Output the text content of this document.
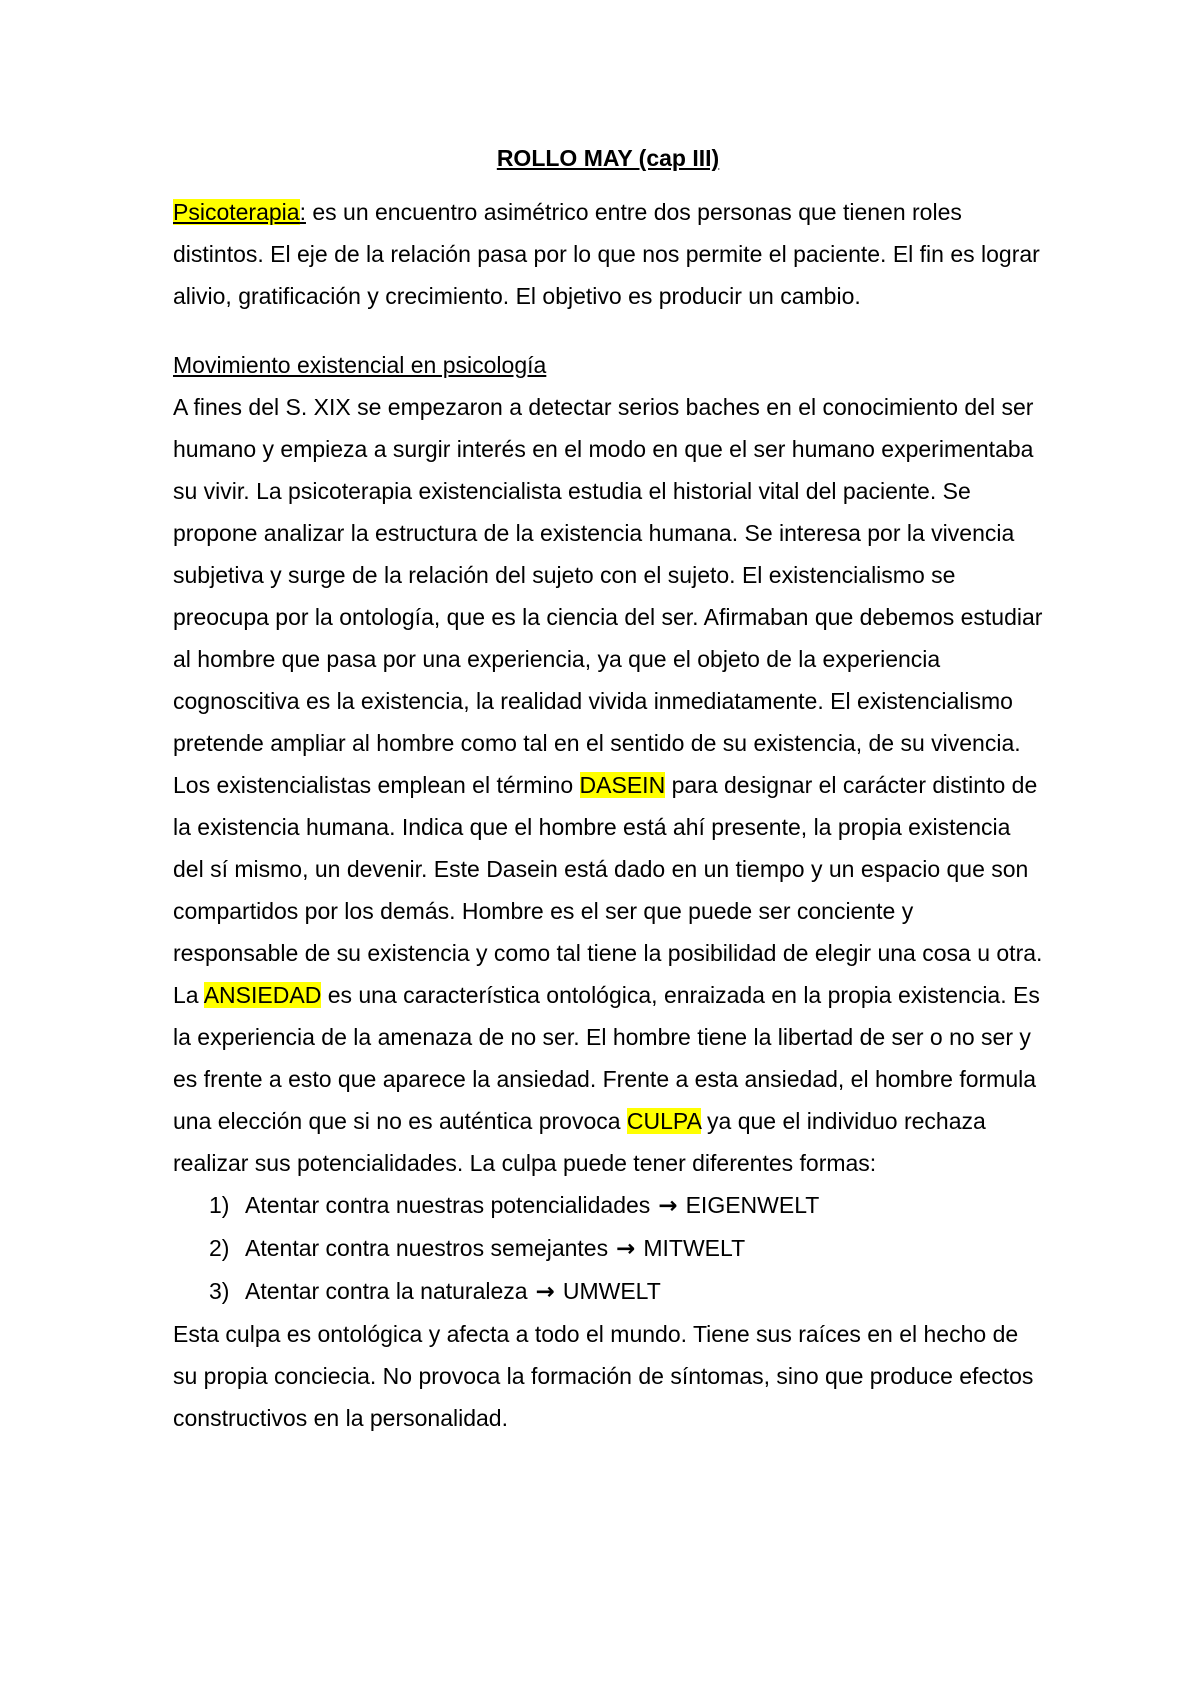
ROLLO MAY (cap III)

Psicoterapia: es un encuentro asimétrico entre dos personas que tienen roles distintos. El eje de la relación pasa por lo que nos permite el paciente. El fin es lograr alivio, gratificación y crecimiento. El objetivo es producir un cambio.

Movimiento existencial en psicología

A fines del S. XIX se empezaron a detectar serios baches en el conocimiento del ser humano y empieza a surgir interés en el modo en que el ser humano experimentaba su vivir. La psicoterapia existencialista estudia el historial vital del paciente. Se propone analizar la estructura de la existencia humana. Se interesa por la vivencia subjetiva y surge de la relación del sujeto con el sujeto. El existencialismo se preocupa por la ontología, que es la ciencia del ser. Afirmaban que debemos estudiar al hombre que pasa por una experiencia, ya que el objeto de la experiencia cognoscitiva es la existencia, la realidad vivida inmediatamente. El existencialismo pretende ampliar al hombre como tal en el sentido de su existencia, de su vivencia.

Los existencialistas emplean el término DASEIN para designar el carácter distinto de la existencia humana. Indica que el hombre está ahí presente, la propia existencia del sí mismo, un devenir. Este Dasein está dado en un tiempo y un espacio que son compartidos por los demás. Hombre es el ser que puede ser conciente y responsable de su existencia y como tal tiene la posibilidad de elegir una cosa u otra.

La ANSIEDAD es una característica ontológica, enraizada en la propia existencia. Es la experiencia de la amenaza de no ser. El hombre tiene la libertad de ser o no ser y es frente a esto que aparece la ansiedad. Frente a esta ansiedad, el hombre formula una elección que si no es auténtica provoca CULPA ya que el individuo rechaza realizar sus potencialidades. La culpa puede tener diferentes formas:

1) Atentar contra nuestras potencialidades → EIGENWELT
2) Atentar contra nuestros semejantes → MITWELT
3) Atentar contra la naturaleza → UMWELT

Esta culpa es ontológica y afecta a todo el mundo. Tiene sus raíces en el hecho de su propia conciecia. No provoca la formación de síntomas, sino que produce efectos constructivos en la personalidad.
